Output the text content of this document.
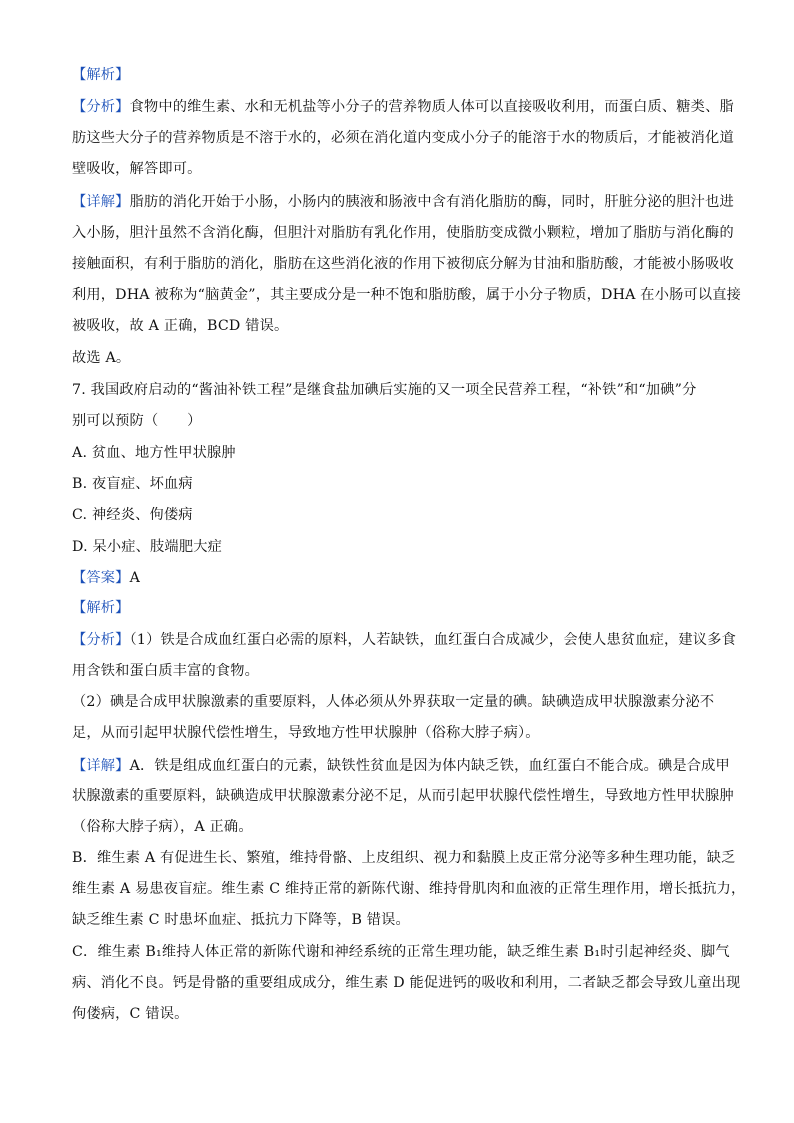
【解析】
【分析】食物中的维生素、水和无机盐等小分子的营养物质人体可以直接吸收利用，而蛋白质、糖类、脂
肪这些大分子的营养物质是不溶于水的，必须在消化道内变成小分子的能溶于水的物质后，才能被消化道
壁吸收，解答即可。
【详解】脂肪的消化开始于小肠，小肠内的胰液和肠液中含有消化脂肪的酶，同时，肝脏分泌的胆汁也进
入小肠，胆汁虽然不含消化酶，但胆汁对脂肪有乳化作用，使脂肪变成微小颗粒，增加了脂肪与消化酶的
接触面积，有利于脂肪的消化，脂肪在这些消化液的作用下被彻底分解为甘油和脂肪酸，才能被小肠吸收
利用，DHA 被称为“脑黄金”，其主要成分是一种不饱和脂肪酸，属于小分子物质，DHA 在小肠可以直接
被吸收，故 A 正确，BCD 错误。
故选 A。
7. 我国政府启动的“酱油补铁工程”是继食盐加碘后实施的又一项全民营养工程，“补铁”和“加碘”分
别可以预防（　　）
A. 贫血、地方性甲状腺肿
B. 夜盲症、坏血病
C. 神经炎、佝偻病
D. 呆小症、肢端肥大症
【答案】A
【解析】
【分析】（1）铁是合成血红蛋白必需的原料，人若缺铁，血红蛋白合成减少，会使人患贫血症，建议多食
用含铁和蛋白质丰富的食物。
（2）碘是合成甲状腺激素的重要原料，人体必须从外界获取一定量的碘。缺碘造成甲状腺激素分泌不
足，从而引起甲状腺代偿性增生，导致地方性甲状腺肿（俗称大脖子病）。
【详解】A．铁是组成血红蛋白的元素，缺铁性贫血是因为体内缺乏铁，血红蛋白不能合成。碘是合成甲
状腺激素的重要原料，缺碘造成甲状腺激素分泌不足，从而引起甲状腺代偿性增生，导致地方性甲状腺肿
（俗称大脖子病），A 正确。
B．维生素 A 有促进生长、繁殖，维持骨骼、上皮组织、视力和黏膜上皮正常分泌等多种生理功能，缺乏
维生素 A 易患夜盲症。维生素 C 维持正常的新陈代谢、维持骨肌肉和血液的正常生理作用，增长抵抗力，
缺乏维生素 C 时患坏血症、抵抗力下降等，B 错误。
C．维生素 B₁维持人体正常的新陈代谢和神经系统的正常生理功能，缺乏维生素 B₁时引起神经炎、脚气
病、消化不良。钙是骨骼的重要组成成分，维生素 D 能促进钙的吸收和利用，二者缺乏都会导致儿童出现
佝偻病，C 错误。
